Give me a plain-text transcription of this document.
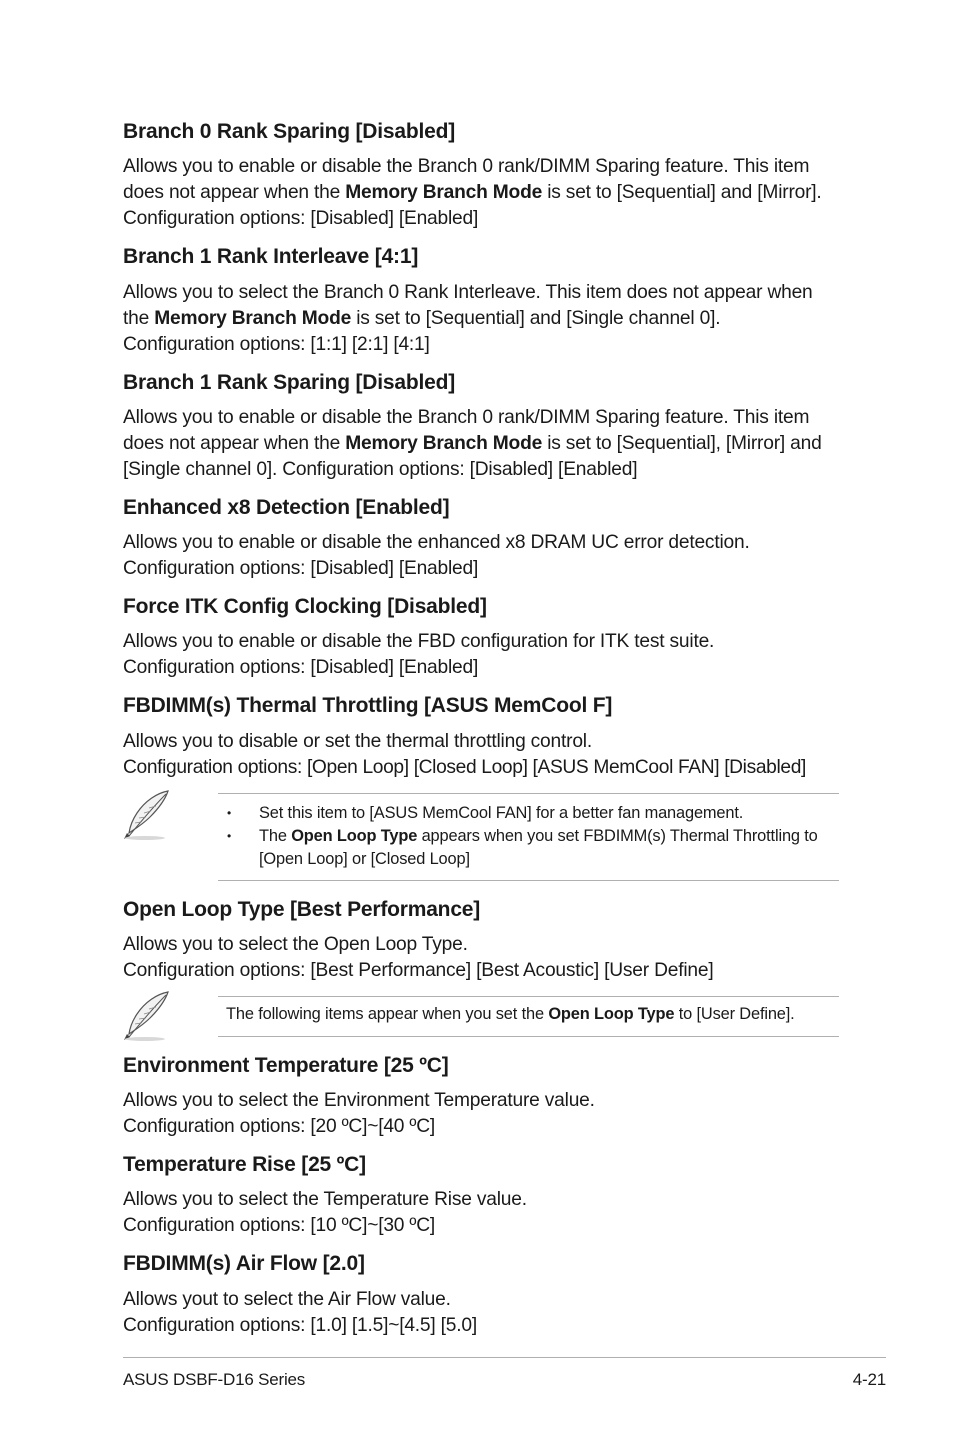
Branch 0 Rank Sparing [Disabled]

Allows you to enable or disable the Branch 0 rank/DIMM Sparing feature. This item does not appear when the Memory Branch Mode is set to [Sequential] and [Mirror].
Configuration options: [Disabled] [Enabled]

Branch 1 Rank Interleave [4:1]

Allows you to select the Branch 0 Rank Interleave. This item does not appear when the Memory Branch Mode is set to [Sequential] and [Single channel 0].
Configuration options: [1:1] [2:1] [4:1]

Branch 1 Rank Sparing [Disabled]

Allows you to enable or disable the Branch 0 rank/DIMM Sparing feature. This item does not appear when the Memory Branch Mode is set to [Sequential], [Mirror] and [Single channel 0]. Configuration options: [Disabled] [Enabled]

Enhanced x8 Detection [Enabled]

Allows you to enable or disable the enhanced x8 DRAM UC error detection.
Configuration options: [Disabled] [Enabled]

Force ITK Config Clocking [Disabled]

Allows you to enable or disable the FBD configuration for ITK test suite.
Configuration options: [Disabled] [Enabled]

FBDIMM(s) Thermal Throttling [ASUS MemCool F]

Allows you to disable or set the thermal throttling control.
Configuration options: [Open Loop] [Closed Loop] [ASUS MemCool FAN] [Disabled]

• Set this item to [ASUS MemCool FAN] for a better fan management.
• The Open Loop Type appears when you set FBDIMM(s) Thermal Throttling to [Open Loop] or [Closed Loop]
Open Loop Type [Best Performance]

Allows you to select the Open Loop Type.
Configuration options: [Best Performance] [Best Acoustic] [User Define]

The following items appear when you set the Open Loop Type to [User Define].
Environment Temperature [25 ºC]

Allows you to select the Environment Temperature value.
Configuration options: [20 ºC]~[40 ºC]

Temperature Rise [25 ºC]

Allows you to select the Temperature Rise value.
Configuration options: [10 ºC]~[30 ºC]

FBDIMM(s) Air Flow [2.0]

Allows yout to select the Air Flow value.
Configuration options: [1.0] [1.5]~[4.5] [5.0]

ASUS DSBF-D16 Series	4-21
